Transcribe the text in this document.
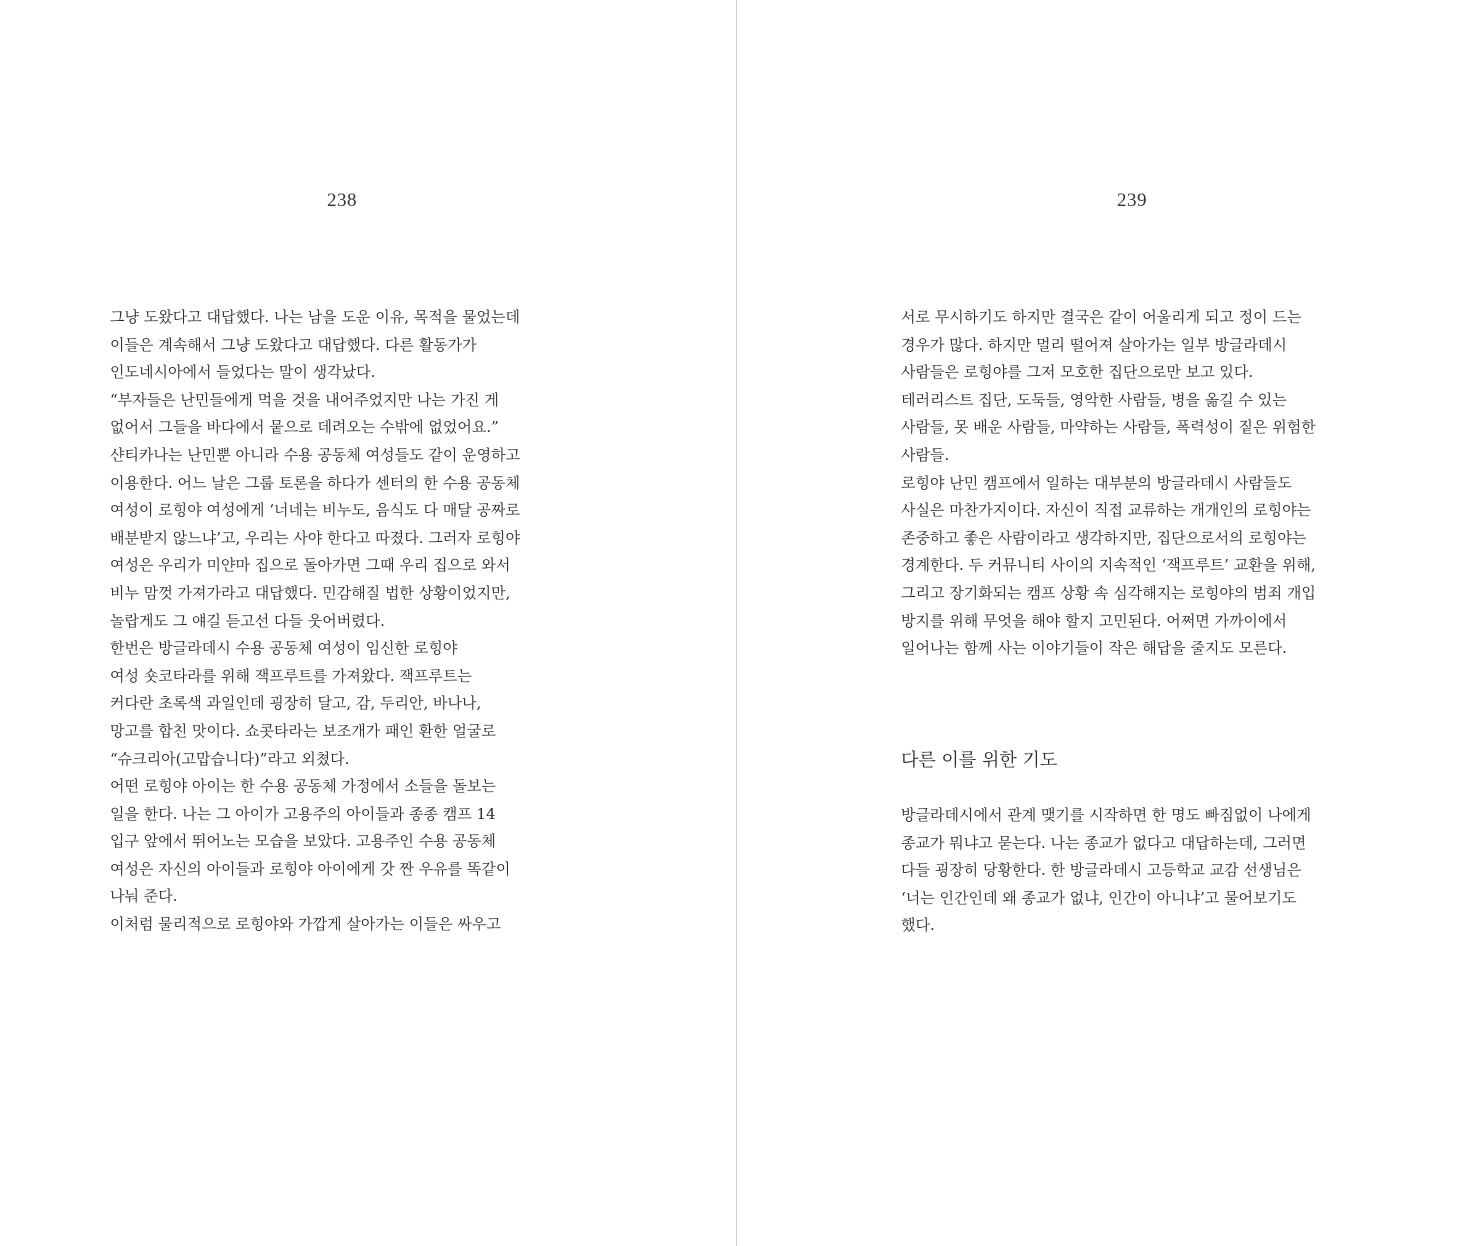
238
그냥 도왔다고 대답했다. 나는 남을 도운 이유, 목적을 물었는데
이들은 계속해서 그냥 도왔다고 대답했다. 다른 활동가가
인도네시아에서 들었다는 말이 생각났다.
“부자들은 난민들에게 먹을 것을 내어주었지만 나는 가진 게
없어서 그들을 바다에서 뭍으로 데려오는 수밖에 없었어요.”
샨티카나는 난민뿐 아니라 수용 공동체 여성들도 같이 운영하고
이용한다. 어느 날은 그룹 토론을 하다가 센터의 한 수용 공동체
여성이 로힝야 여성에게 ‘너네는 비누도, 음식도 다 매달 공짜로
배분받지 않느냐’고, 우리는 사야 한다고 따졌다. 그러자 로힝야
여성은 우리가 미얀마 집으로 돌아가면 그때 우리 집으로 와서
비누 맘껏 가져가라고 대답했다. 민감해질 법한 상황이었지만,
놀랍게도 그 얘길 듣고선 다들 웃어버렸다.
한번은 방글라데시 수용 공동체 여성이 임신한 로힝야
여성 숏코타라를 위해 잭프루트를 가져왔다. 잭프루트는
커다란 초록색 과일인데 굉장히 달고, 감, 두리안, 바나나,
망고를 합친 맛이다. 쇼콧타라는 보조개가 패인 환한 얼굴로
“슈크리아(고맙습니다)”라고 외쳤다.
어떤 로힝야 아이는 한 수용 공동체 가정에서 소들을 돌보는
일을 한다. 나는 그 아이가 고용주의 아이들과 종종 캠프 14
입구 앞에서 뛰어노는 모습을 보았다. 고용주인 수용 공동체
여성은 자신의 아이들과 로힝야 아이에게 갓 짠 우유를 똑같이
나눠 준다.
이처럼 물리적으로 로힝야와 가깝게 살아가는 이들은 싸우고
239
서로 무시하기도 하지만 결국은 같이 어울리게 되고 정이 드는
경우가 많다. 하지만 멀리 떨어져 살아가는 일부 방글라데시
사람들은 로힝야를 그저 모호한 집단으로만 보고 있다.
테러리스트 집단, 도둑들, 영악한 사람들, 병을 옮길 수 있는
사람들, 못 배운 사람들, 마약하는 사람들, 폭력성이 짙은 위험한
사람들.
로힝야 난민 캠프에서 일하는 대부분의 방글라데시 사람들도
사실은 마찬가지이다. 자신이 직접 교류하는 개개인의 로힝야는
존중하고 좋은 사람이라고 생각하지만, 집단으로서의 로힝야는
경계한다. 두 커뮤니티 사이의 지속적인 ‘잭프루트’ 교환을 위해,
그리고 장기화되는 캠프 상황 속 심각해지는 로힝야의 범죄 개입
방지를 위해 무엇을 해야 할지 고민된다. 어쩌면 가까이에서
일어나는 함께 사는 이야기들이 작은 해답을 줄지도 모른다.
다른 이를 위한 기도
방글라데시에서 관계 맺기를 시작하면 한 명도 빠짐없이 나에게
종교가 뭐냐고 묻는다. 나는 종교가 없다고 대답하는데, 그러면
다들 굉장히 당황한다. 한 방글라데시 고등학교 교감 선생님은
‘너는 인간인데 왜 종교가 없냐, 인간이 아니냐’고 물어보기도
했다.
